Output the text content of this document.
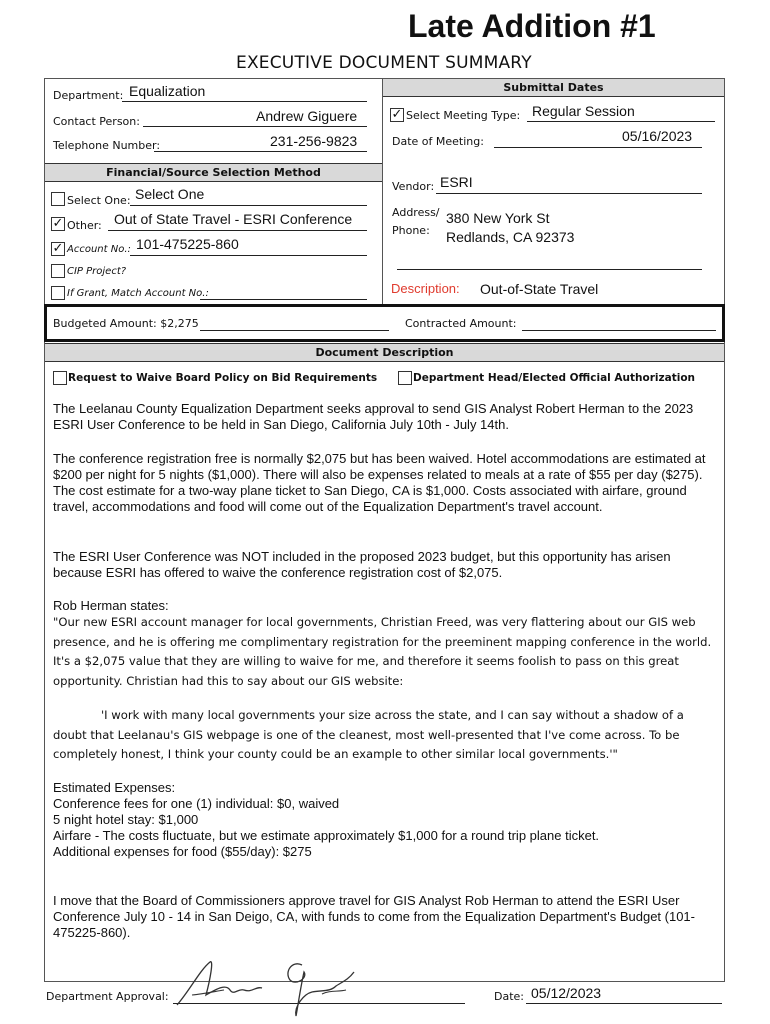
Late Addition #1
EXECUTIVE DOCUMENT SUMMARY
Department: Equalization
Contact Person:	Andrew Giguere
Telephone Number:	231-256-9823
Submittal Dates
✓ Select Meeting Type: Regular Session
Date of Meeting:	05/16/2023
Financial/Source Selection Method
Select One: Select One
✓ Other: Out of State Travel - ESRI Conference
✓ Account No.: 101-475225-860
CIP Project?
If Grant, Match Account No.:
Vendor: ESRI
Address/
Phone:
380 New York St
Redlands, CA 92373
Description: Out-of-State Travel
Budgeted Amount: $2,275	Contracted Amount:
Document Description
Request to Waive Board Policy on Bid Requirements	Department Head/Elected Official Authorization
The Leelanau County Equalization Department seeks approval to send GIS Analyst Robert Herman to the 2023 ESRI User Conference to be held in San Diego, California July 10th - July 14th.
The conference registration free is normally $2,075 but has been waived. Hotel accommodations are estimated at $200 per night for 5 nights ($1,000). There will also be expenses related to meals at a rate of $55 per day ($275). The cost estimate for a two-way plane ticket to San Diego, CA is $1,000. Costs associated with airfare, ground travel, accommodations and food will come out of the Equalization Department's travel account.
The ESRI User Conference was NOT included in the proposed 2023 budget, but this opportunity has arisen because ESRI has offered to waive the conference registration cost of $2,075.
Rob Herman states:
"Our new ESRI account manager for local governments, Christian Freed, was very flattering about our GIS web presence, and he is offering me complimentary registration for the preeminent mapping conference in the world. It's a $2,075 value that they are willing to waive for me, and therefore it seems foolish to pass on this great opportunity. Christian had this to say about our GIS website:
'I work with many local governments your size across the state, and I can say without a shadow of a doubt that Leelanau's GIS webpage is one of the cleanest, most well-presented that I've come across. To be completely honest, I think your county could be an example to other similar local governments.'"
Estimated Expenses:
Conference fees for one (1) individual: $0, waived
5 night hotel stay: $1,000
Airfare - The costs fluctuate, but we estimate approximately $1,000 for a round trip plane ticket.
Additional expenses for food ($55/day): $275
I move that the Board of Commissioners approve travel for GIS Analyst Rob Herman to attend the ESRI User Conference July 10 - 14 in San Deigo, CA, with funds to come from the Equalization Department's Budget (101-475225-860).
Department Approval:	Date: 05/12/2023
